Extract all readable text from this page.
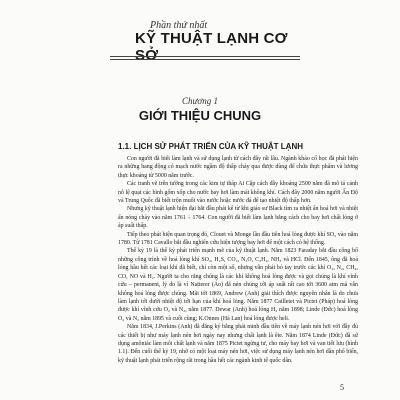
Phần thứ nhất
KỸ THUẬT LẠNH CƠ SỞ
Chương 1
GIỚI THIỆU CHUNG
1.1. LỊCH SỬ PHÁT TRIỂN CỦA KỸ THUẬT LẠNH

Con người đã biết làm lạnh và sử dụng lạnh từ cách đây rất lâu. Ngành khảo cổ học đã phát hiện ra những hang động có mạch nước ngầm độ thấp chảy qua được dùng để chứa thực phẩm và lương thực khoảng từ 5000 năm trước.

Các tranh vẽ trên tường trong các kim tự tháp Ai Cập cách đây khoảng 2500 năm đã mô tả cảnh nô lệ quạt các bình gốm xốp cho nước bay hơi làm mát không khí. Cách đây 2000 năm người Ấn Độ và Trung Quốc đã biết trộn muối vào nước hoặc nước đá để tạo nhiệt độ thấp hơn.

Nhưng kỹ thuật lạnh hiện đại bắt đầu phát kể từ khi giáo sư Black tìm ra nhiệt ẩn hoá hơi và nhiệt ẩn nóng chảy vào năm 1761 ÷ 1764. Con người đã biết làm lạnh bằng cách cho bay hơi chất lỏng ở áp suất thấp.

Tiếp theo phát hiện quan trọng đó, Clouet và Monge lần đầu tiên hoá lỏng được khí SO₂ vào năm 1780. Từ 1781 Cavallo bắt đầu nghiên cứu hiện tượng bay hơi để một cách có hệ thống.

Thế kỷ 19 là thế kỷ phát triển mạnh mẽ của kỹ thuật lạnh. Năm 1823 Faraday bắt đầu công bố những công trình về hoá lỏng khí SO₂, H₂S, CO₂, N₂O, C₂H₂, NH₃ và HCl. Đến 1845, ông đã hoá lỏng hầu hết các loại khí đã biết, chỉ còn một số, nhưng vẫn phải bỏ tay trước các khí O₂, N₂, CH₄, CO, NO và H₂. Người ta cho rằng chúng là các khí không hoá lỏng được và gọi chúng là khí vĩnh cửu – permanent, lý do là vì Natterer (Áo) đã nén chúng tới áp suất rất cao tới 3600 atm mà vẫn không hoá lỏng được chúng. Mãi tới 1869, Andrew (Anh) giải thích được nguyên nhân là do chưa làm lạnh tới dưới nhiệt độ tới hạn của khí hoá lỏng. Năm 1877 Cailletet và Pictet (Pháp) hoá lỏng được khí vĩnh cửu O₂ và N₂, năm 1877. Dewar (Anh) hoá lỏng H₂ năm 1898; Linde (Đức) hoá lỏng O₂ và N₂ năm 1895 và cuối cùng; K.Onnes (Hà Lan) hoá lỏng được heli.

Năm 1834, J.Perkins (Anh) đã đăng ký bằng phát minh đầu tiên về máy lạnh nén hơi với đầy đủ các thiết bị như máy lạnh nén hơi ngày nay nhưng chất lạnh là ête. Năm 1874 Linde (Đức) đã sử dụng amôniác làm môi chất lạnh và năm 1875 Pictet ngừng tư, cho máy bay hơi và van tiết lưu (hình 1.1). Đến cuối thế kỷ 19, nhờ có một loạt máy nén hơi, việc sử dụng máy lạnh nén hơi dần phổ biến, kỹ thuật lạnh phát triển rộng rãi trong hầu hết các ngành kinh tế quốc dân.

5
